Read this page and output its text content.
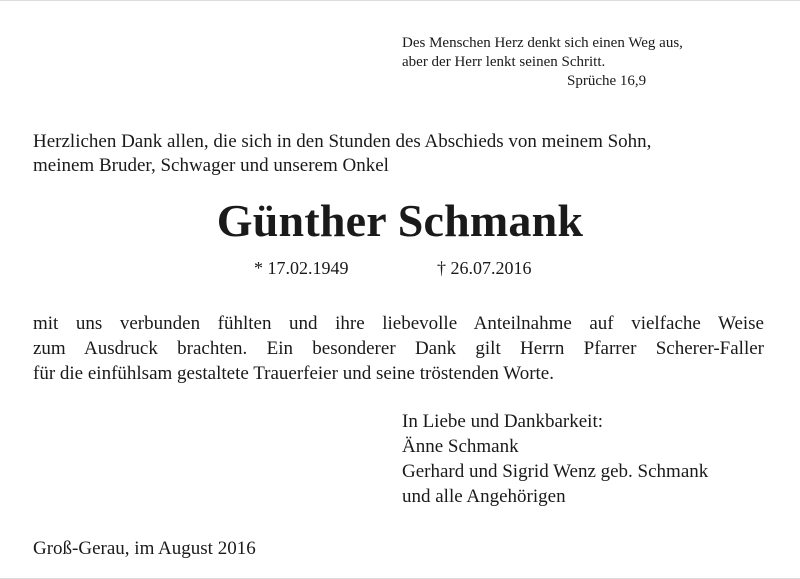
Des Menschen Herz denkt sich einen Weg aus,
aber der Herr lenkt seinen Schritt.
Sprüche 16,9
Herzlichen Dank allen, die sich in den Stunden des Abschieds von meinem Sohn,
meinem Bruder, Schwager und unserem Onkel
Günther Schmank
* 17.02.1949	† 26.07.2016
mit uns verbunden fühlten und ihre liebevolle Anteilnahme auf vielfache Weise
zum Ausdruck brachten. Ein besonderer Dank gilt Herrn Pfarrer Scherer-Faller
für die einfühlsam gestaltete Trauerfeier und seine tröstenden Worte.
In Liebe und Dankbarkeit:
Änne Schmank
Gerhard und Sigrid Wenz geb. Schmank
und alle Angehörigen
Groß-Gerau, im August 2016
